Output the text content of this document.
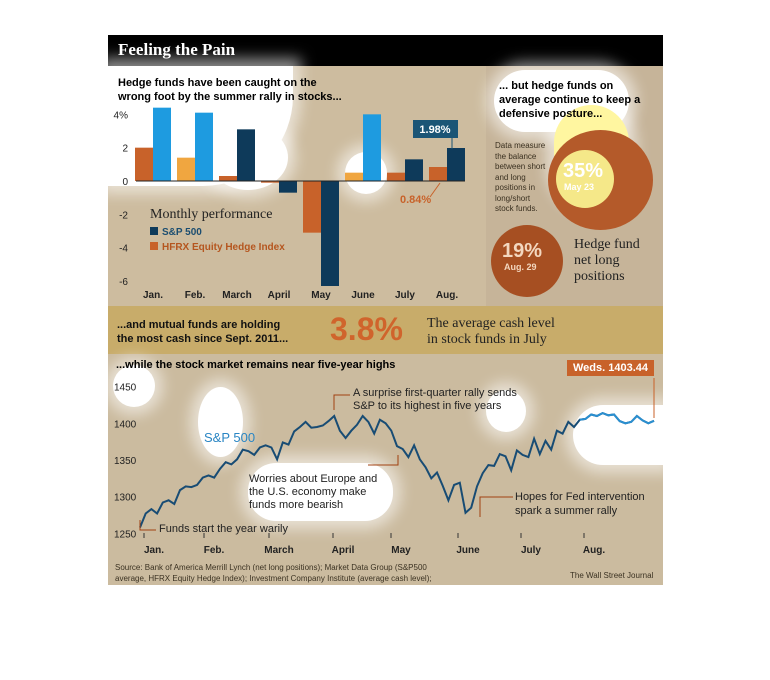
Feeling the Pain
4%
2
0
-2
-4
-6
Jan. Feb. March April May June July Aug.
1.98%
0.84%
1450
1400
1350
1300
1250
Jan.	Feb.	March	April	May	June	July	Aug.
Hedge funds have been caught on the
wrong foot by the summer rally in stocks...
Monthly performance
S&P 500
HFRX Equity Hedge Index
... but hedge funds on
average continue to keep a
defensive posture...
Data measure
the balance
between short
and long
positions in
long/short
stock funds.
35%
May 23
19%
Aug. 29
Hedge fund
net long
positions
...and mutual funds are holding
the most cash since Sept. 2011... 3.8% The average cash level
in stock funds in July
...while the stock market remains near five-year highs	Weds. 1403.44
S&P 500
A surprise first-quarter rally sends
S&P to its highest in five years
Worries about Europe and
the U.S. economy make
funds more bearish
Hopes for Fed intervention
spark a summer rally
Funds start the year warily
Source: Bank of America Merrill Lynch (net long positions); Market Data Group (S&P500
average, HFRX Equity Hedge Index); Investment Company Institute (average cash level);	The Wall Street Journal
